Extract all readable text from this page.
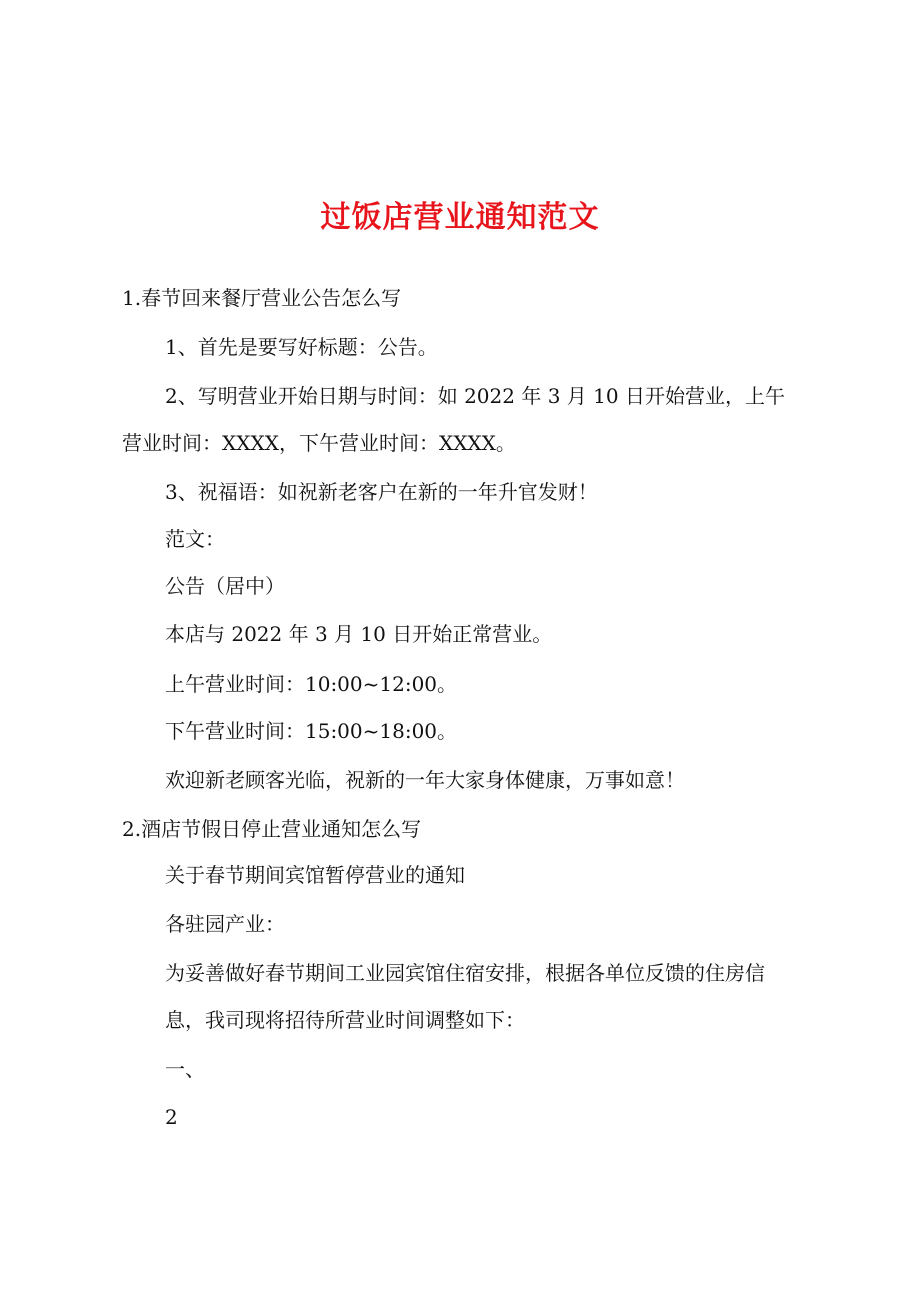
过饭店营业通知范文
1.春节回来餐厅营业公告怎么写
1、首先是要写好标题：公告。
2、写明营业开始日期与时间：如 2022 年 3 月 10 日开始营业，上午
营业时间：XXXX，下午营业时间：XXXX。
3、祝福语：如祝新老客户在新的一年升官发财！
范文：
公告（居中）
本店与 2022 年 3 月 10 日开始正常营业。
上午营业时间：10:00~12:00。
下午营业时间：15:00~18:00。
欢迎新老顾客光临，祝新的一年大家身体健康，万事如意！
2.酒店节假日停止营业通知怎么写
关于春节期间宾馆暂停营业的通知
各驻园产业：
为妥善做好春节期间工业园宾馆住宿安排，根据各单位反馈的住房信
息，我司现将招待所营业时间调整如下：
一、
2
